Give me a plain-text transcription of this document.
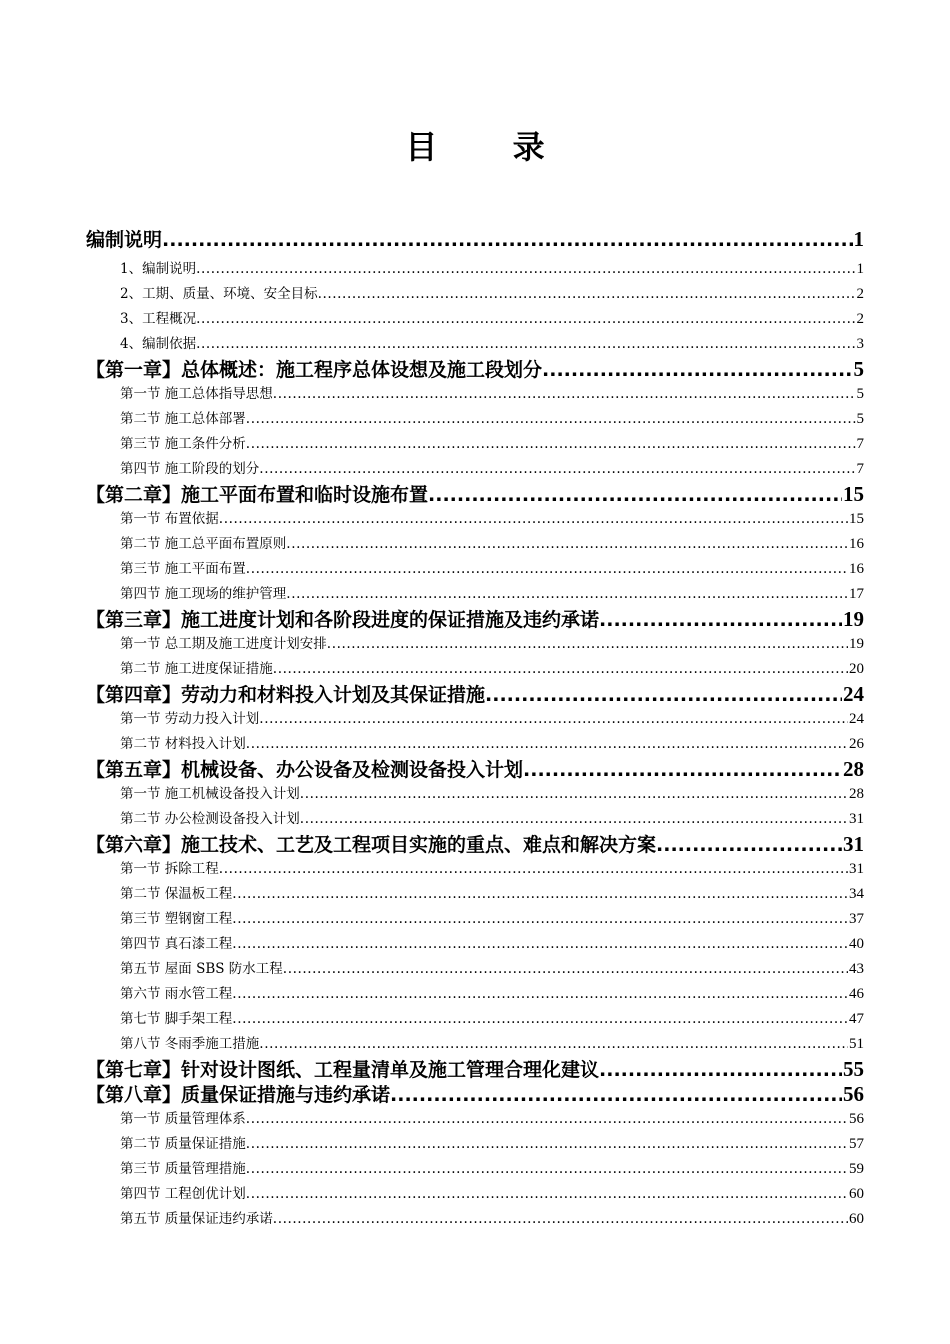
目 录
编制说明 .....	1
1、编制说明 .....	1
2、工期、质量、环境、安全目标 .....	2
3、工程概况 .....	2
4、编制依据 .....	3
【第一章】总体概述：施工程序总体设想及施工段划分 .....	5
第一节 施工总体指导思想 .....	5
第二节 施工总体部署 .....	5
第三节 施工条件分析 .....	7
第四节 施工阶段的划分 .....	7
【第二章】施工平面布置和临时设施布置 .....	15
第一节 布置依据 .....	15
第二节 施工总平面布置原则 .....	16
第三节 施工平面布置 .....	16
第四节 施工现场的维护管理 .....	17
【第三章】施工进度计划和各阶段进度的保证措施及违约承诺 .....	19
第一节 总工期及施工进度计划安排 .....	19
第二节 施工进度保证措施 .....	20
【第四章】劳动力和材料投入计划及其保证措施 .....	24
第一节 劳动力投入计划 .....	24
第二节 材料投入计划 .....	26
【第五章】机械设备、办公设备及检测设备投入计划 .....	28
第一节 施工机械设备投入计划 .....	28
第二节 办公检测设备投入计划 .....	31
【第六章】施工技术、工艺及工程项目实施的重点、难点和解决方案 .....	31
第一节 拆除工程 .....	31
第二节 保温板工程 .....	34
第三节 塑钢窗工程 .....	37
第四节 真石漆工程 .....	40
第五节 屋面 SBS 防水工程 .....	43
第六节 雨水管工程 .....	46
第七节 脚手架工程 .....	47
第八节 冬雨季施工措施 .....	51
【第七章】针对设计图纸、工程量清单及施工管理合理化建议 .....	55
【第八章】质量保证措施与违约承诺 .....	56
第一节 质量管理体系 .....	56
第二节 质量保证措施 .....	57
第三节 质量管理措施 .....	59
第四节 工程创优计划 .....	60
第五节 质量保证违约承诺 .....	60
